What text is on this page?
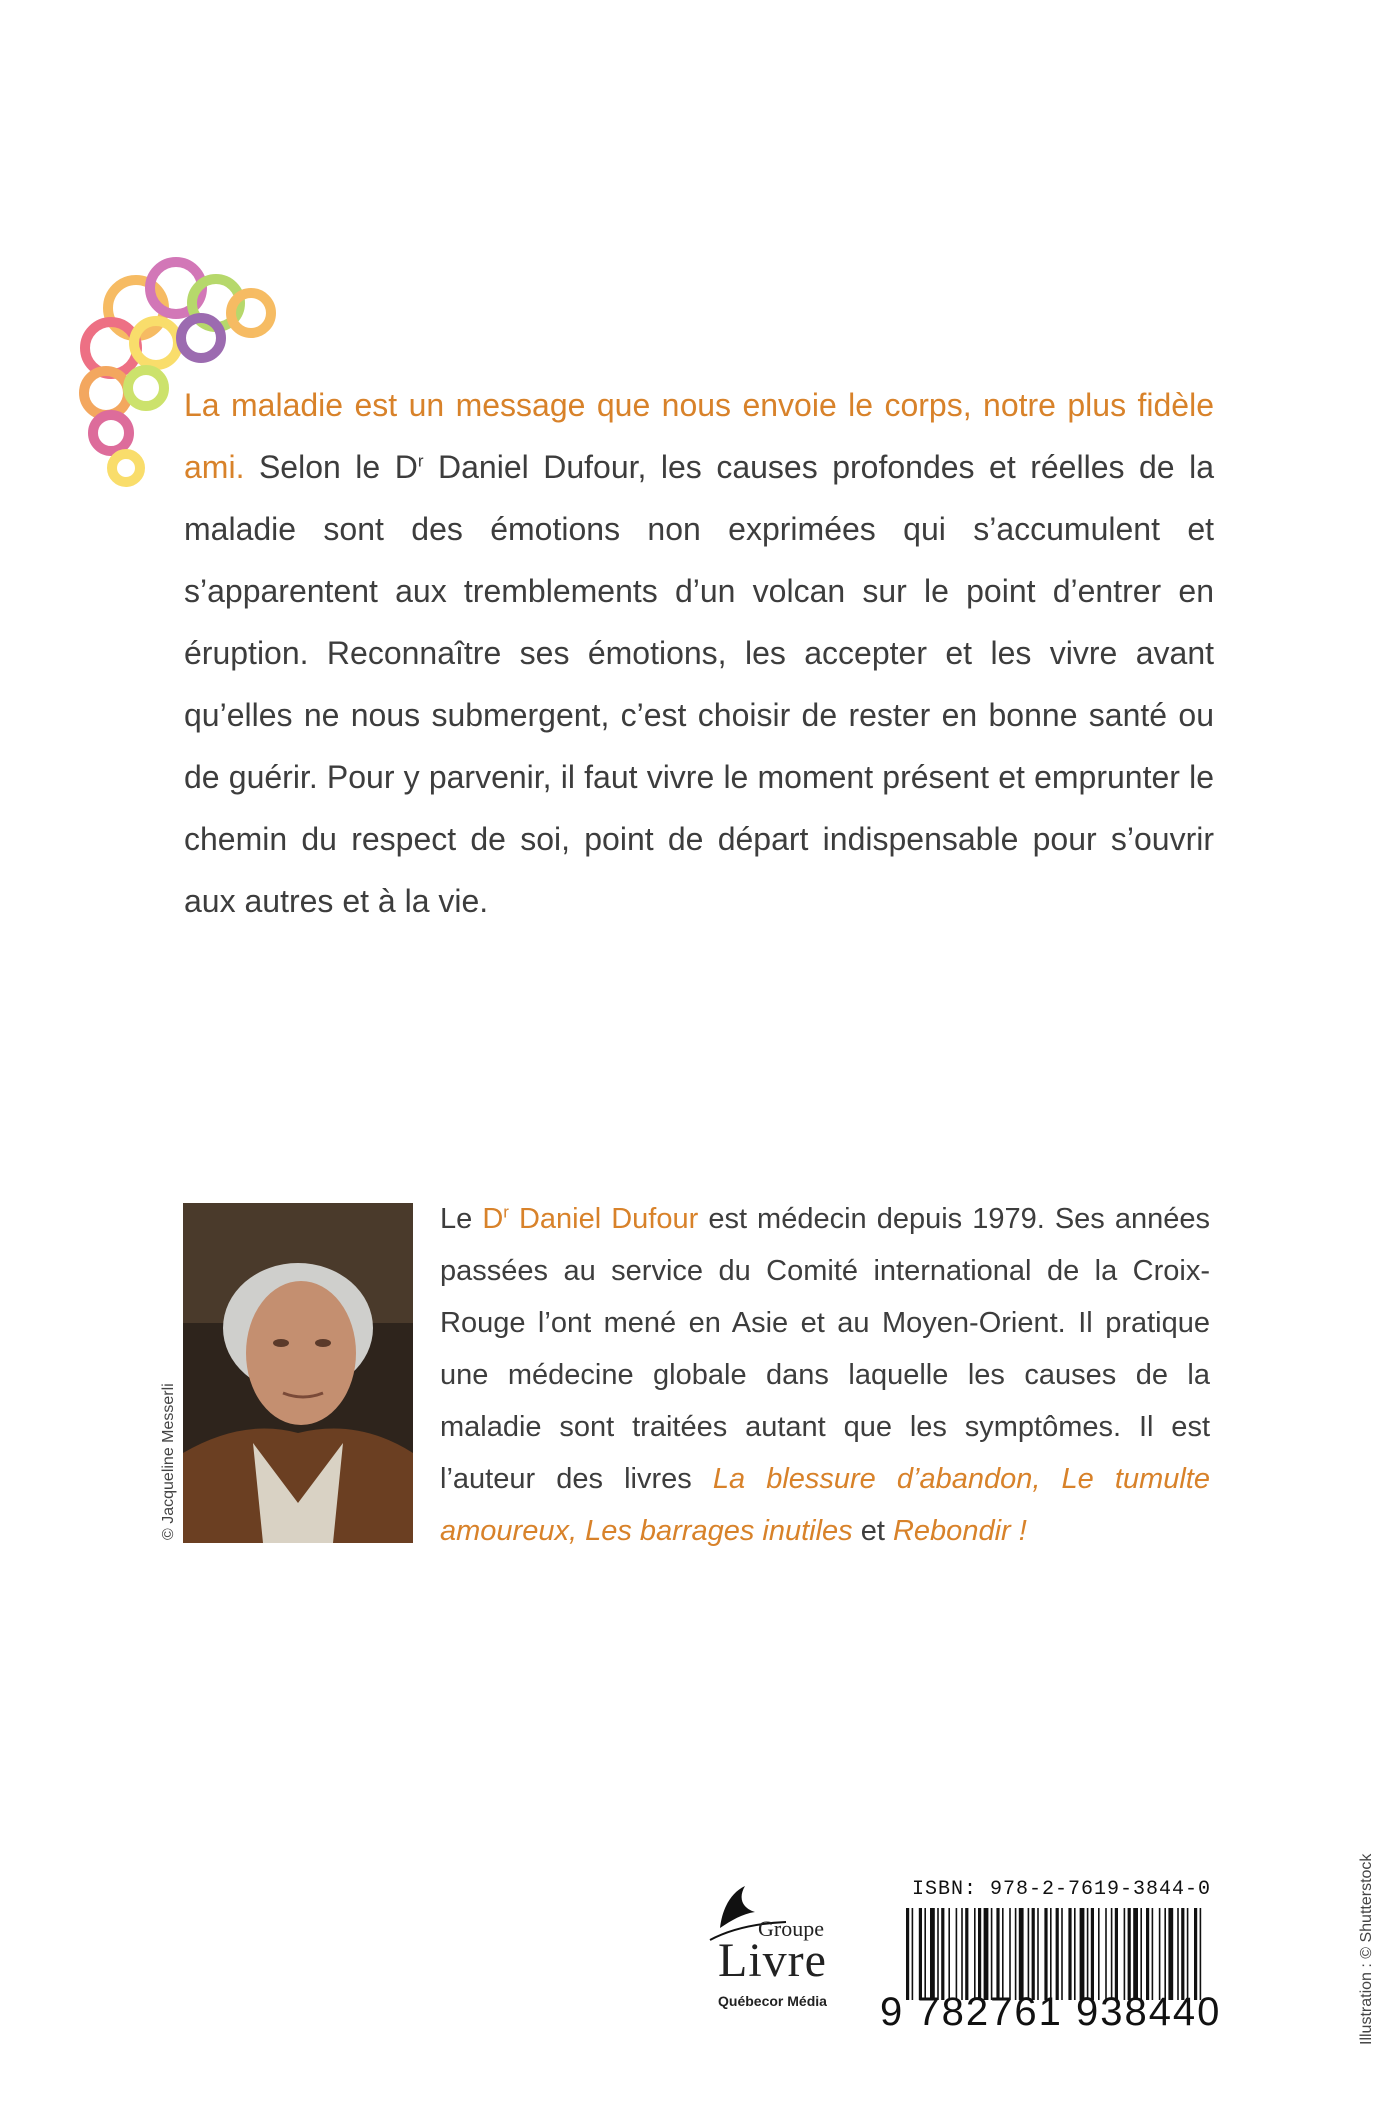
La maladie est un message que nous envoie le corps, notre plus fidèle ami. Selon le $D^r$ Daniel Dufour, les causes profondes et réelles de la maladie sont des émotions non exprimées qui s’accumulent et s’apparentent aux tremblements d’un volcan sur le point d’entrer en éruption. Reconnaître ses émotions, les accepter et les vivre avant qu’elles ne nous submergent, c’est choisir de rester en bonne santé ou de guérir. Pour y parvenir, il faut vivre le moment présent et emprunter le chemin du respect de soi, point de départ indispensable pour s’ouvrir aux autres et à la vie.
© Jacqueline Messerli
Le $D^r$ Daniel Dufour est médecin depuis 1979. Ses années passées au service du Comité international de la Croix-Rouge l’ont mené en Asie et au Moyen-Orient. Il pratique une médecine globale dans laquelle les causes de la maladie sont traitées autant que les symptômes. Il est l’auteur des livres La blessure d’abandon, Le tumulte amoureux, Les barrages inutiles et Rebondir !
Groupe
Livre
Québecor Média
ISBN: 978-2-7619-3844-0
9 782761 938440	Illustration : © Shutterstock
